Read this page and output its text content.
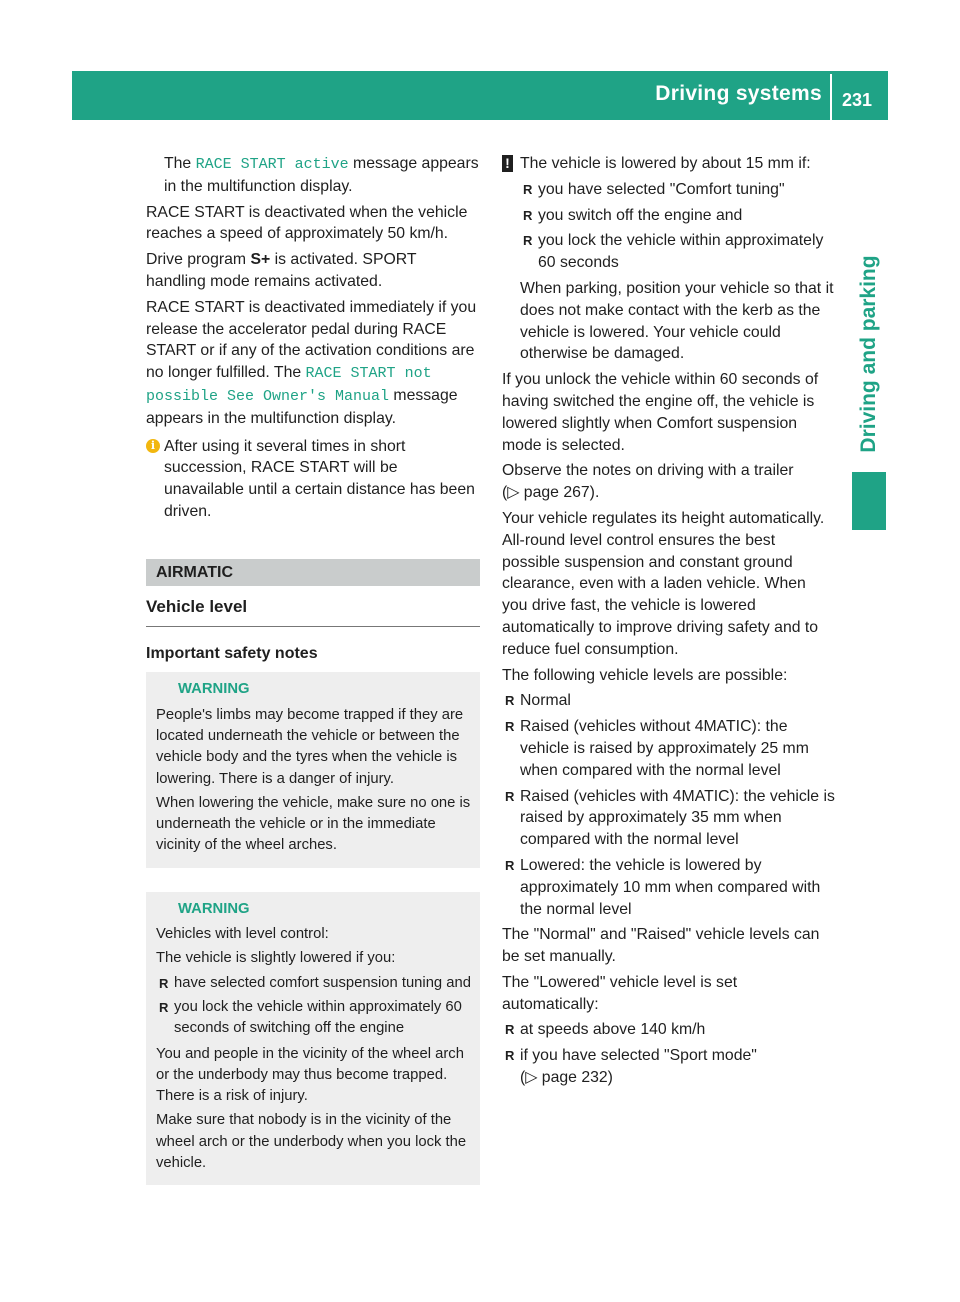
Driving systems 231
Driving and parking

The RACE START active message appears in the multifunction display.

RACE START is deactivated when the vehicle reaches a speed of approximately 50 km/h.

Drive program S+ is activated. SPORT handling mode remains activated.

RACE START is deactivated immediately if you release the accelerator pedal during RACE START or if any of the activation conditions are no longer fulfilled. The RACE START not possible See Owner's Manual message appears in the multifunction display.

i After using it several times in short succession, RACE START will be unavailable until a certain distance has been driven.
AIRMATIC
Vehicle level
Important safety notes
WARNING

People's limbs may become trapped if they are located underneath the vehicle or between the vehicle body and the tyres when the vehicle is lowering. There is a danger of injury.

When lowering the vehicle, make sure no one is underneath the vehicle or in the immediate vicinity of the wheel arches.

WARNING

Vehicles with level control:

The vehicle is slightly lowered if you:

R have selected comfort suspension tuning and
R you lock the vehicle within approximately 60 seconds of switching off the engine

You and people in the vicinity of the wheel arch or the underbody may thus become trapped. There is a risk of injury.

Make sure that nobody is in the vicinity of the wheel arch or the underbody when you lock the vehicle.

! The vehicle is lowered by about 15 mm if:

R you have selected "Comfort tuning"
R you switch off the engine and
R you lock the vehicle within approximately 60 seconds

When parking, position your vehicle so that it does not make contact with the kerb as the vehicle is lowered. Your vehicle could otherwise be damaged.

If you unlock the vehicle within 60 seconds of having switched the engine off, the vehicle is lowered slightly when Comfort suspension mode is selected.

Observe the notes on driving with a trailer
(▷ page 267).

Your vehicle regulates its height automatically. All-round level control ensures the best possible suspension and constant ground clearance, even with a laden vehicle. When you drive fast, the vehicle is lowered automatically to improve driving safety and to reduce fuel consumption.

The following vehicle levels are possible:

R Normal
R Raised (vehicles without 4MATIC): the vehicle is raised by approximately 25 mm when compared with the normal level
R Raised (vehicles with 4MATIC): the vehicle is raised by approximately 35 mm when compared with the normal level
R Lowered: the vehicle is lowered by approximately 10 mm when compared with the normal level

The "Normal" and "Raised" vehicle levels can be set manually.

The "Lowered" vehicle level is set automatically:

R at speeds above 140 km/h
R if you have selected "Sport mode"
(▷ page 232)
